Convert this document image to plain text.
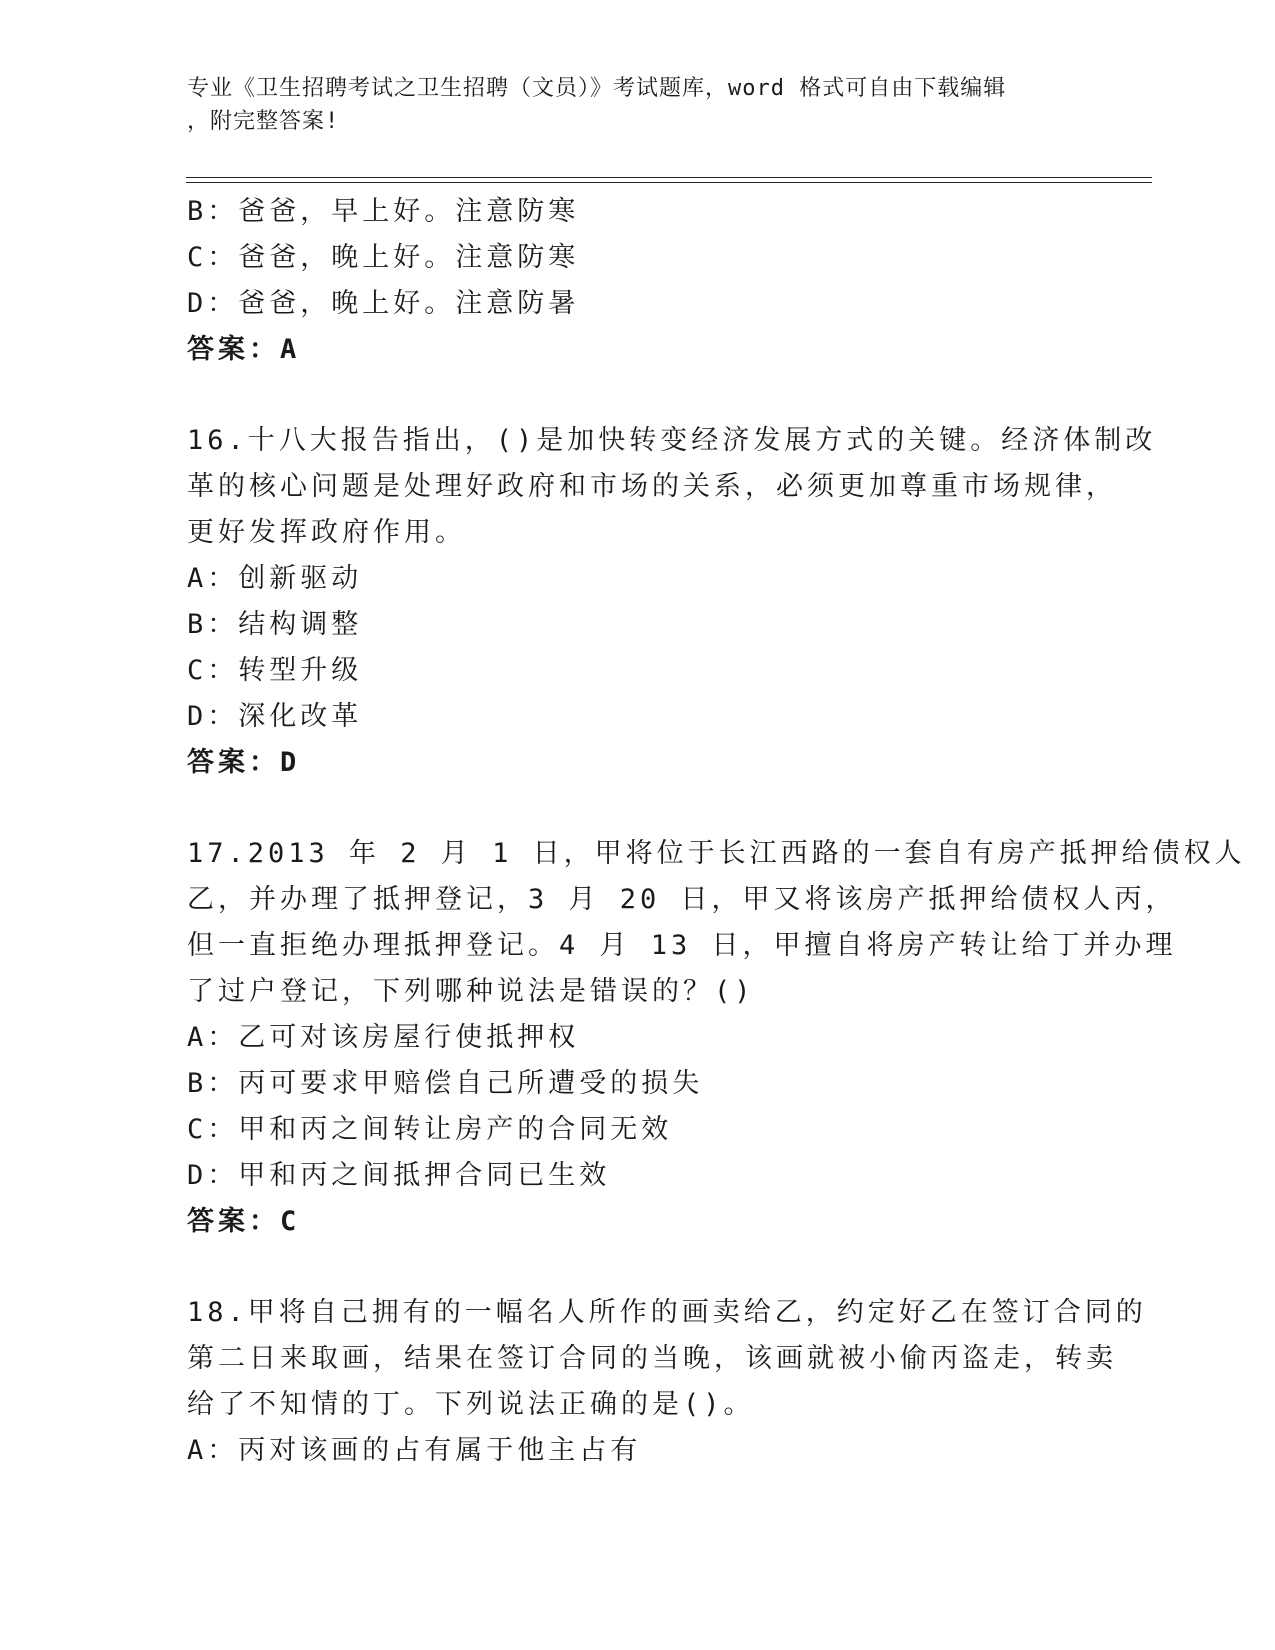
专业《卫生招聘考试之卫生招聘（文员）》考试题库，word 格式可自由下载编辑
，附完整答案!
B：爸爸，早上好。注意防寒
C：爸爸，晚上好。注意防寒
D：爸爸，晚上好。注意防暑
答案：A
16.十八大报告指出，()是加快转变经济发展方式的关键。经济体制改
革的核心问题是处理好政府和市场的关系，必须更加尊重市场规律，
更好发挥政府作用。
A：创新驱动
B：结构调整
C：转型升级
D：深化改革
答案：D
17.2013 年 2 月 1 日，甲将位于长江西路的一套自有房产抵押给债权人
乙，并办理了抵押登记，3 月 20 日，甲又将该房产抵押给债权人丙，
但一直拒绝办理抵押登记。4 月 13 日，甲擅自将房产转让给丁并办理
了过户登记，下列哪种说法是错误的？()
A：乙可对该房屋行使抵押权
B：丙可要求甲赔偿自己所遭受的损失
C：甲和丙之间转让房产的合同无效
D：甲和丙之间抵押合同已生效
答案：C
18.甲将自己拥有的一幅名人所作的画卖给乙，约定好乙在签订合同的
第二日来取画，结果在签订合同的当晚，该画就被小偷丙盗走，转卖
给了不知情的丁。下列说法正确的是()。
A：丙对该画的占有属于他主占有
